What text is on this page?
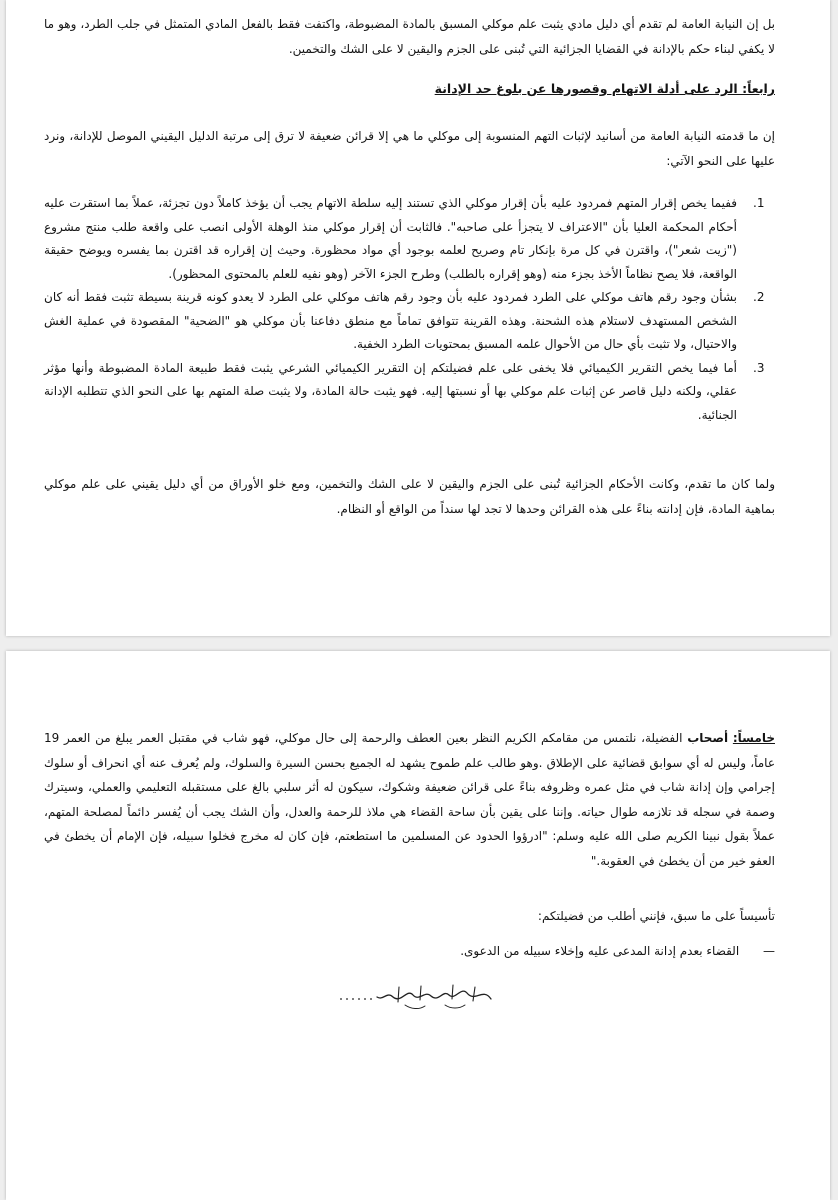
بل إن النيابة العامة لم تقدم أي دليل مادي يثبت علم موكلي المسبق بالمادة المضبوطة، واكتفت فقط بالفعل المادي المتمثل في جلب الطرد، وهو ما لا يكفي لبناء حكم بالإدانة في القضايا الجزائية التي تُبنى على الجزم واليقين لا على الشك والتخمين.

رابعاً: الرد على أدلة الاتهام وقصورها عن بلوغ حد الإدانة

إن ما قدمته النيابة العامة من أسانيد لإثبات التهم المنسوبة إلى موكلي ما هي إلا قرائن ضعيفة لا ترق إلى مرتبة الدليل اليقيني الموصل للإدانة، ونرد عليها على النحو الآتي:

1.
ففيما يخص إقرار المتهم فمردود عليه بأن إقرار موكلي الذي تستند إليه سلطة الاتهام يجب أن يؤخذ كاملاً دون تجزئة، عملاً بما استقرت عليه أحكام المحكمة العليا بأن "الاعتراف لا يتجزأ على صاحبه". فالثابت أن إقرار موكلي منذ الوهلة الأولى انصب على واقعة طلب منتج مشروع ("زيت شعر")، واقترن في كل مرة بإنكار تام وصريح لعلمه بوجود أي مواد محظورة. وحيث إن إقراره قد اقترن بما يفسره ويوضح حقيقة الواقعة، فلا يصح نظاماً الأخذ بجزء منه (وهو إقراره بالطلب) وطرح الجزء الآخر (وهو نفيه للعلم بالمحتوى المحظور).
2.
بشأن وجود رقم هاتف موكلي على الطرد فمردود عليه بأن وجود رقم هاتف موكلي على الطرد لا يعدو كونه قرينة بسيطة تثبت فقط أنه كان الشخص المستهدف لاستلام هذه الشحنة. وهذه القرينة تتوافق تماماً مع منطق دفاعنا بأن موكلي هو "الضحية" المقصودة في عملية الغش والاحتيال، ولا تثبت بأي حال من الأحوال علمه المسبق بمحتويات الطرد الخفية.
3.
أما فيما يخص التقرير الكيميائي فلا يخفى على علم فضيلتكم إن التقرير الكيميائي الشرعي يثبت فقط طبيعة المادة المضبوطة وأنها مؤثر عقلي، ولكنه دليل قاصر عن إثبات علم موكلي بها أو نسبتها إليه. فهو يثبت حالة المادة، ولا يثبت صلة المتهم بها على النحو الذي تتطلبه الإدانة الجنائية.

ولما كان ما تقدم، وكانت الأحكام الجزائية تُبنى على الجزم واليقين لا على الشك والتخمين، ومع خلو الأوراق من أي دليل يقيني على علم موكلي بماهية المادة، فإن إدانته بناءً على هذه القرائن وحدها لا تجد لها سنداً من الواقع أو النظام.

خامساً: أصحاب الفضيلة، نلتمس من مقامكم الكريم النظر بعين العطف والرحمة إلى حال موكلي، فهو شاب في مقتبل العمر يبلغ من العمر 19 عاماً، وليس له أي سوابق قضائية على الإطلاق .وهو طالب علم طموح يشهد له الجميع بحسن السيرة والسلوك، ولم يُعرف عنه أي انحراف أو سلوك إجرامي وإن إدانة شاب في مثل عمره وظروفه بناءً على قرائن ضعيفة وشكوك، سيكون له أثر سلبي بالغ على مستقبله التعليمي والعملي، وسيترك وصمة في سجله قد تلازمه طوال حياته. وإننا على يقين بأن ساحة القضاء هي ملاذ للرحمة والعدل، وأن الشك يجب أن يُفسر دائماً لمصلحة المتهم، عملاً بقول نبينا الكريم صلى الله عليه وسلم: "ادرؤوا الحدود عن المسلمين ما استطعتم، فإن كان له مخرج فخلوا سبيله، فإن الإمام أن يخطئ في العفو خير من أن يخطئ في العقوبة."

تأسيساً على ما سبق، فإنني أطلب من فضيلتكم:

— القضاء بعدم إدانة المدعى عليه وإخلاء سبيله من الدعوى.
